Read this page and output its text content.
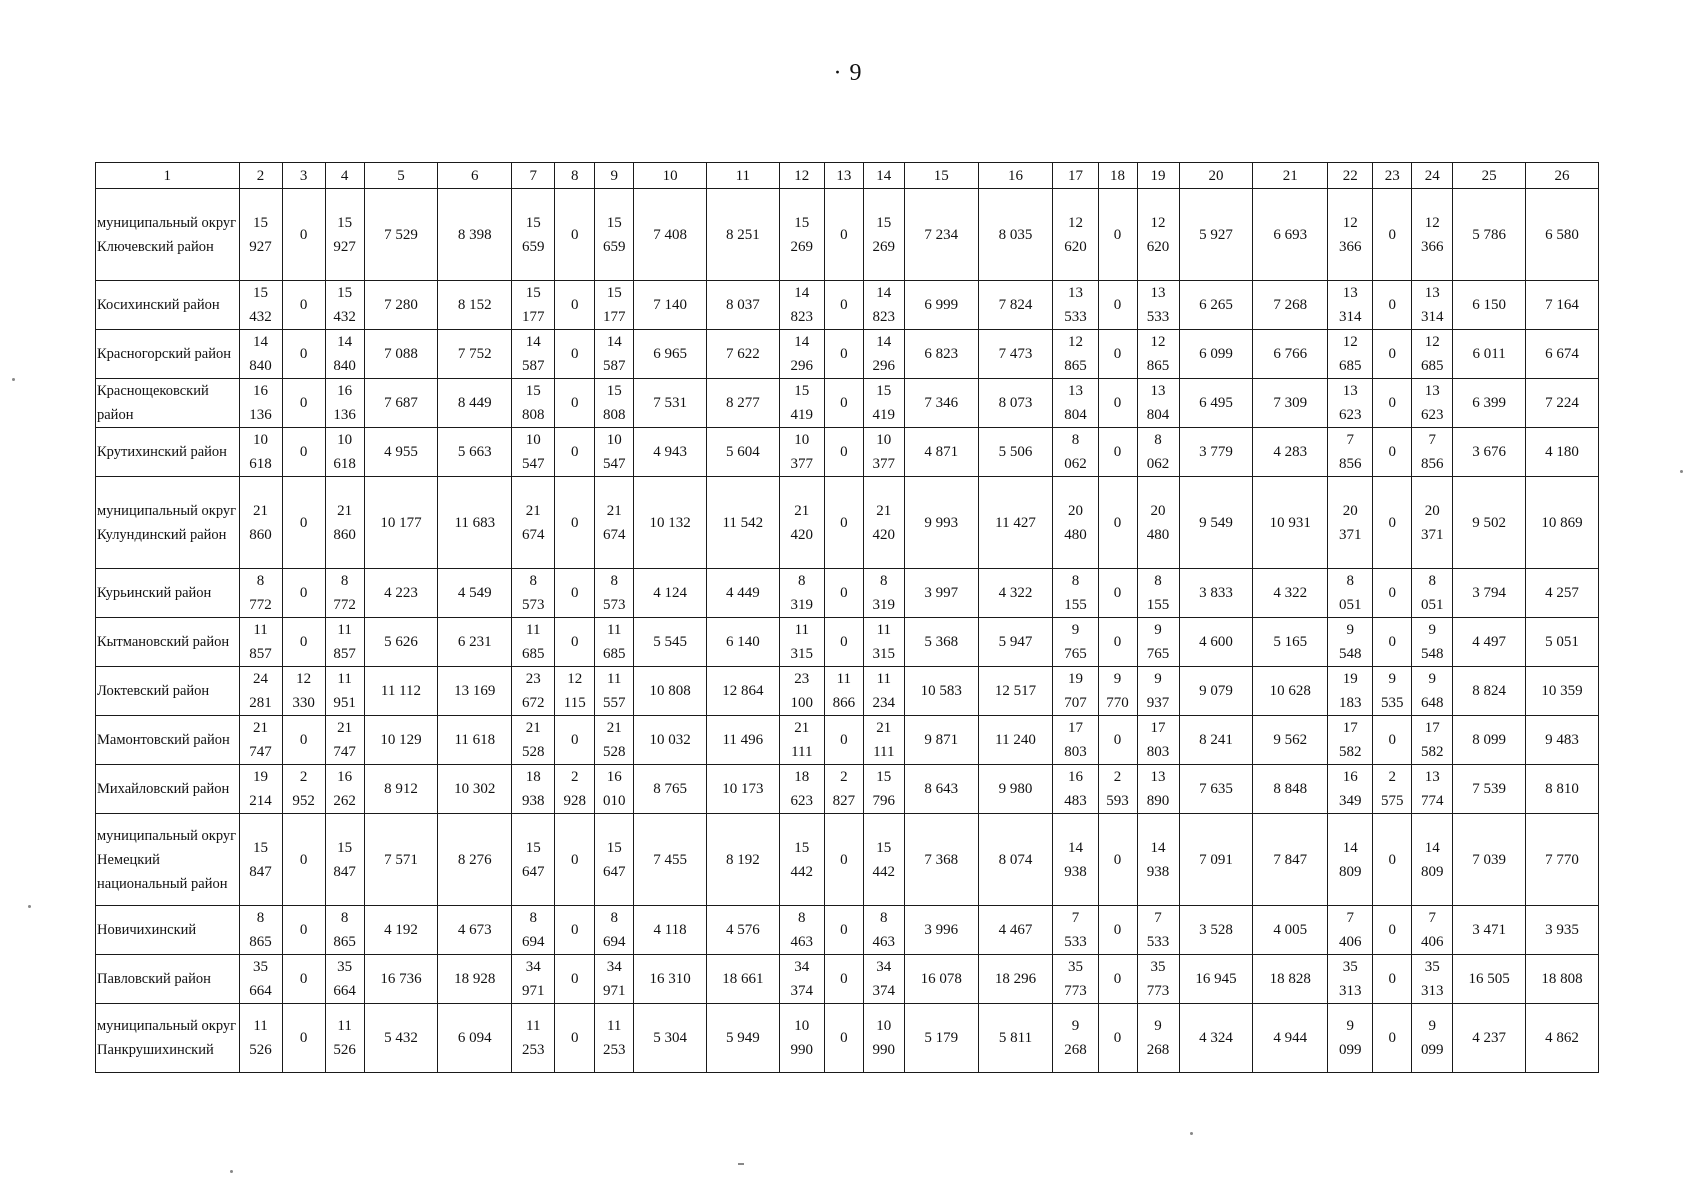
· 9
1	2	3	4	5	6	7	8	9	10	11	12	13	14	15	16	17	18	19	20	21	22	23	24	25	26
муниципальный округ Ключевский район	15 927	0	15 927	7 529	8 398	15 659	0	15 659	7 408	8 251	15 269	0	15 269	7 234	8 035	12 620	0	12 620	5 927	6 693	12 366	0	12 366	5 786	6 580
Косихинский район	15 432	0	15 432	7 280	8 152	15 177	0	15 177	7 140	8 037	14 823	0	14 823	6 999	7 824	13 533	0	13 533	6 265	7 268	13 314	0	13 314	6 150	7 164
Красногорский район	14 840	0	14 840	7 088	7 752	14 587	0	14 587	6 965	7 622	14 296	0	14 296	6 823	7 473	12 865	0	12 865	6 099	6 766	12 685	0	12 685	6 011	6 674
Краснощековский район	16 136	0	16 136	7 687	8 449	15 808	0	15 808	7 531	8 277	15 419	0	15 419	7 346	8 073	13 804	0	13 804	6 495	7 309	13 623	0	13 623	6 399	7 224
Крутихинский район	10 618	0	10 618	4 955	5 663	10 547	0	10 547	4 943	5 604	10 377	0	10 377	4 871	5 506	8 062	0	8 062	3 779	4 283	7 856	0	7 856	3 676	4 180
муниципальный округ Кулундинский район	21 860	0	21 860	10 177	11 683	21 674	0	21 674	10 132	11 542	21 420	0	21 420	9 993	11 427	20 480	0	20 480	9 549	10 931	20 371	0	20 371	9 502	10 869
Курьинский район	8 772	0	8 772	4 223	4 549	8 573	0	8 573	4 124	4 449	8 319	0	8 319	3 997	4 322	8 155	0	8 155	3 833	4 322	8 051	0	8 051	3 794	4 257
Кытмановский район	11 857	0	11 857	5 626	6 231	11 685	0	11 685	5 545	6 140	11 315	0	11 315	5 368	5 947	9 765	0	9 765	4 600	5 165	9 548	0	9 548	4 497	5 051
Локтевский район	24 281	12 330	11 951	11 112	13 169	23 672	12 115	11 557	10 808	12 864	23 100	11 866	11 234	10 583	12 517	19 707	9 770	9 937	9 079	10 628	19 183	9 535	9 648	8 824	10 359
Мамонтовский район	21 747	0	21 747	10 129	11 618	21 528	0	21 528	10 032	11 496	21 111	0	21 111	9 871	11 240	17 803	0	17 803	8 241	9 562	17 582	0	17 582	8 099	9 483
Михайловский район	19 214	2 952	16 262	8 912	10 302	18 938	2 928	16 010	8 765	10 173	18 623	2 827	15 796	8 643	9 980	16 483	2 593	13 890	7 635	8 848	16 349	2 575	13 774	7 539	8 810
муниципальный округ Немецкий национальный район	15 847	0	15 847	7 571	8 276	15 647	0	15 647	7 455	8 192	15 442	0	15 442	7 368	8 074	14 938	0	14 938	7 091	7 847	14 809	0	14 809	7 039	7 770
Новичихинский	8 865	0	8 865	4 192	4 673	8 694	0	8 694	4 118	4 576	8 463	0	8 463	3 996	4 467	7 533	0	7 533	3 528	4 005	7 406	0	7 406	3 471	3 935
Павловский район	35 664	0	35 664	16 736	18 928	34 971	0	34 971	16 310	18 661	34 374	0	34 374	16 078	18 296	35 773	0	35 773	16 945	18 828	35 313	0	35 313	16 505	18 808
муниципальный округ Панкрушихинский	11 526	0	11 526	5 432	6 094	11 253	0	11 253	5 304	5 949	10 990	0	10 990	5 179	5 811	9 268	0	9 268	4 324	4 944	9 099	0	9 099	4 237	4 862
